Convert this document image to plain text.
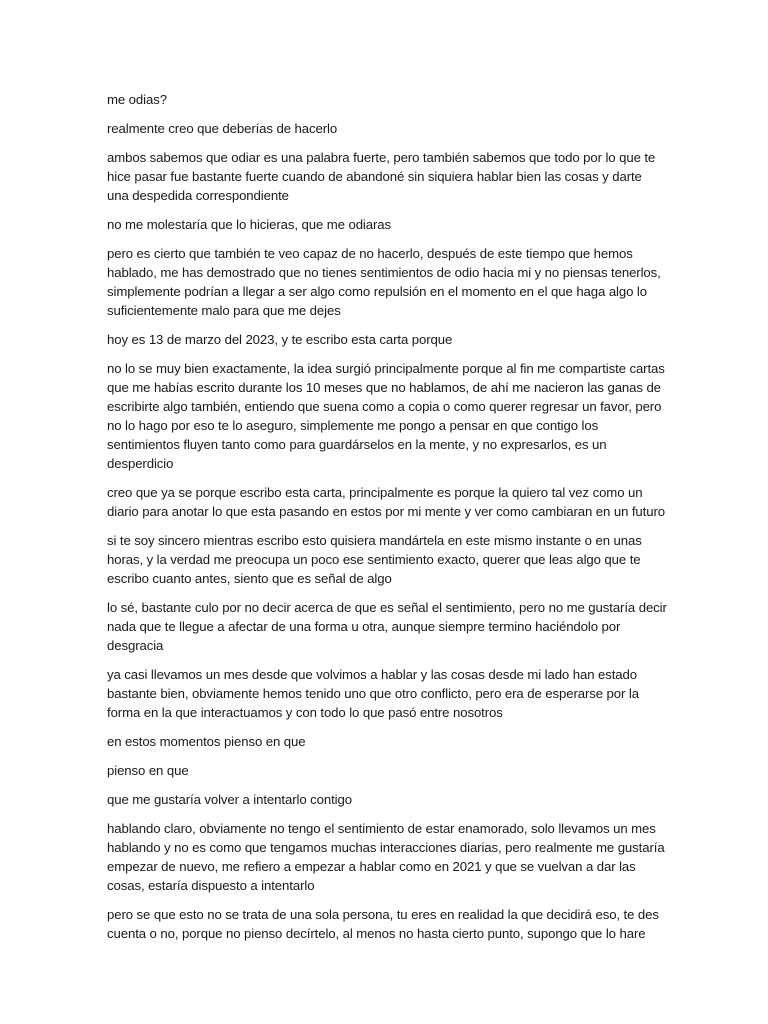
me odias?

realmente creo que deberías de hacerlo

ambos sabemos que odiar es una palabra fuerte, pero también sabemos que todo por lo que te hice pasar fue bastante fuerte cuando de abandoné sin siquiera hablar bien las cosas y darte una despedida correspondiente

no me molestaría que lo hicieras, que me odiaras

pero es cierto que también te veo capaz de no hacerlo, después de este tiempo que hemos hablado, me has demostrado que no tienes sentimientos de odio hacia mi y no piensas tenerlos, simplemente podrían a llegar a ser algo como repulsión en el momento en el que haga algo lo suficientemente malo para que me dejes

hoy es 13 de marzo del 2023, y te escribo esta carta porque

no lo se muy bien exactamente, la idea surgió principalmente porque al fin me compartiste cartas que me habías escrito durante los 10 meses que no hablamos, de ahí me nacieron las ganas de escribirte algo también, entiendo que suena como a copia o como querer regresar un favor, pero no lo hago por eso te lo aseguro, simplemente me pongo a pensar en que contigo los sentimientos fluyen tanto como para guardárselos en la mente, y no expresarlos, es un desperdicio

creo que ya se porque escribo esta carta, principalmente es porque la quiero tal vez como un diario para anotar lo que esta pasando en estos por mi mente y ver como cambiaran en un futuro

si te soy sincero mientras escribo esto quisiera mandártela en este mismo instante o en unas horas, y la verdad me preocupa un poco ese sentimiento exacto, querer que leas algo que te escribo cuanto antes, siento que es señal de algo

lo sé, bastante culo por no decir acerca de que es señal el sentimiento, pero no me gustaría decir nada que te llegue a afectar de una forma u otra, aunque siempre termino haciéndolo por desgracia

ya casi llevamos un mes desde que volvimos a hablar y las cosas desde mi lado han estado bastante bien, obviamente hemos tenido uno que otro conflicto, pero era de esperarse por la forma en la que interactuamos y con todo lo que pasó entre nosotros

en estos momentos pienso en que

pienso en que

que me gustaría volver a intentarlo contigo

hablando claro, obviamente no tengo el sentimiento de estar enamorado, solo llevamos un mes hablando y no es como que tengamos muchas interacciones diarias, pero realmente me gustaría empezar de nuevo, me refiero a empezar a hablar como en 2021 y que se vuelvan a dar las cosas, estaría dispuesto a intentarlo

pero se que esto no se trata de una sola persona, tu eres en realidad la que decidirá eso, te des cuenta o no, porque no pienso decírtelo, al menos no hasta cierto punto, supongo que lo hare
